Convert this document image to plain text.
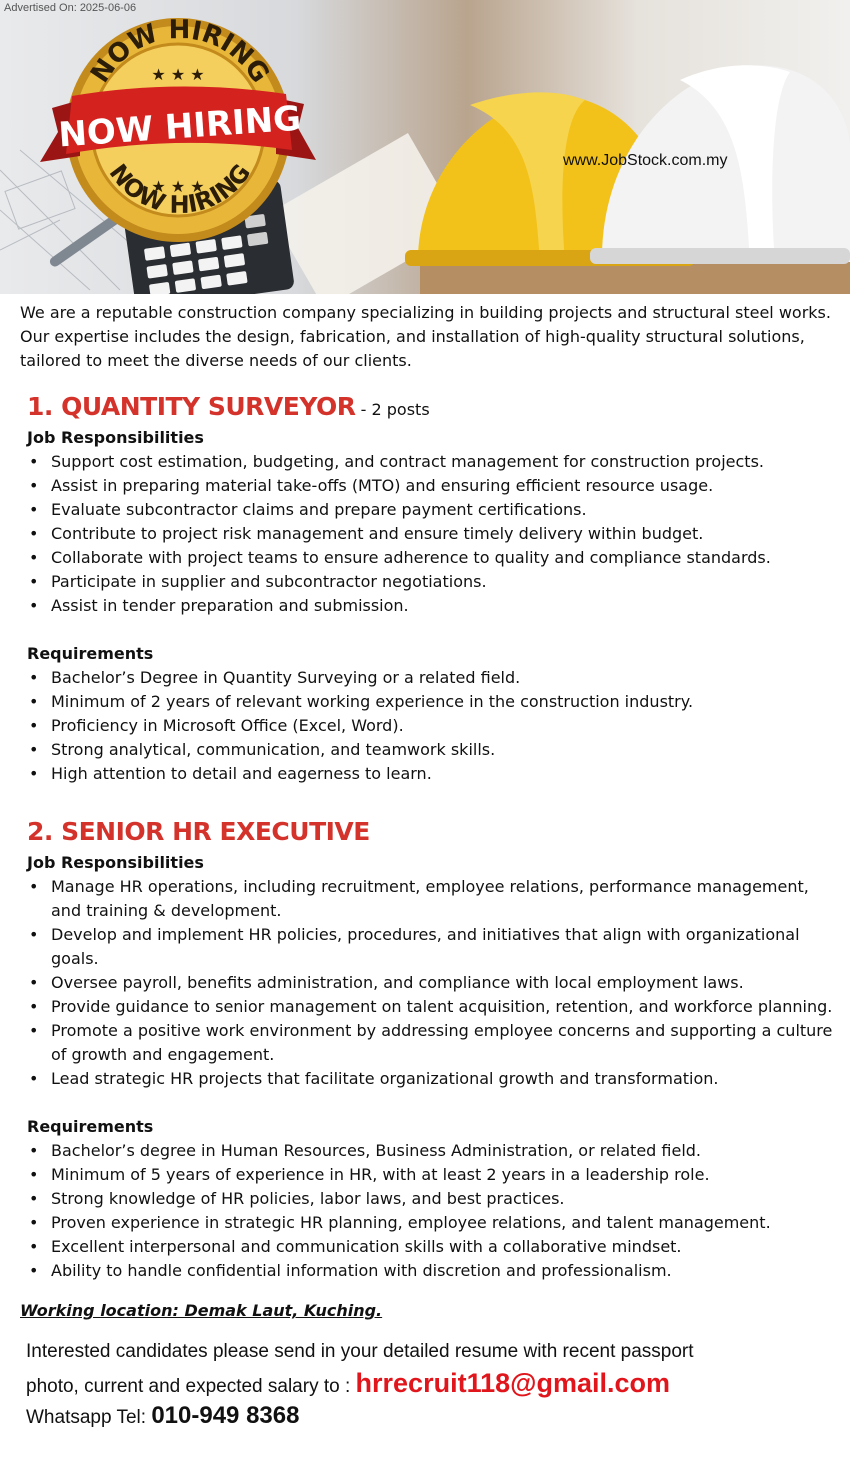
★ ★ ★
★ ★ ★
Advertised On: 2025-06-06
NOW HIRING
NOW HIRING
NOW HIRING
www.JobStock.com.my
We are a reputable construction company specializing in building projects and structural steel works. Our expertise includes the design, fabrication, and installation of high-quality structural solutions, tailored to meet the diverse needs of our clients.
1. QUANTITY SURVEYOR - 2 posts
Job Responsibilities
• Support cost estimation, budgeting, and contract management for construction projects.
• Assist in preparing material take-offs (MTO) and ensuring efficient resource usage.
• Evaluate subcontractor claims and prepare payment certifications.
• Contribute to project risk management and ensure timely delivery within budget.
• Collaborate with project teams to ensure adherence to quality and compliance standards.
• Participate in supplier and subcontractor negotiations.
• Assist in tender preparation and submission.
Requirements
• Bachelor’s Degree in Quantity Surveying or a related field.
• Minimum of 2 years of relevant working experience in the construction industry.
• Proficiency in Microsoft Office (Excel, Word).
• Strong analytical, communication, and teamwork skills.
• High attention to detail and eagerness to learn.
2. SENIOR HR EXECUTIVE
Job Responsibilities
• Manage HR operations, including recruitment, employee relations, performance management, and training & development.
• Develop and implement HR policies, procedures, and initiatives that align with organizational goals.
• Oversee payroll, benefits administration, and compliance with local employment laws.
• Provide guidance to senior management on talent acquisition, retention, and workforce planning.
• Promote a positive work environment by addressing employee concerns and supporting a culture of growth and engagement.
• Lead strategic HR projects that facilitate organizational growth and transformation.
Requirements
• Bachelor’s degree in Human Resources, Business Administration, or related field.
• Minimum of 5 years of experience in HR, with at least 2 years in a leadership role.
• Strong knowledge of HR policies, labor laws, and best practices.
• Proven experience in strategic HR planning, employee relations, and talent management.
• Excellent interpersonal and communication skills with a collaborative mindset.
• Ability to handle confidential information with discretion and professionalism.
Working location: Demak Laut, Kuching.
Interested candidates please send in your detailed resume with recent passport
photo, current and expected salary to : hrrecruit118@gmail.com
Whatsapp Tel: 010-949 8368
